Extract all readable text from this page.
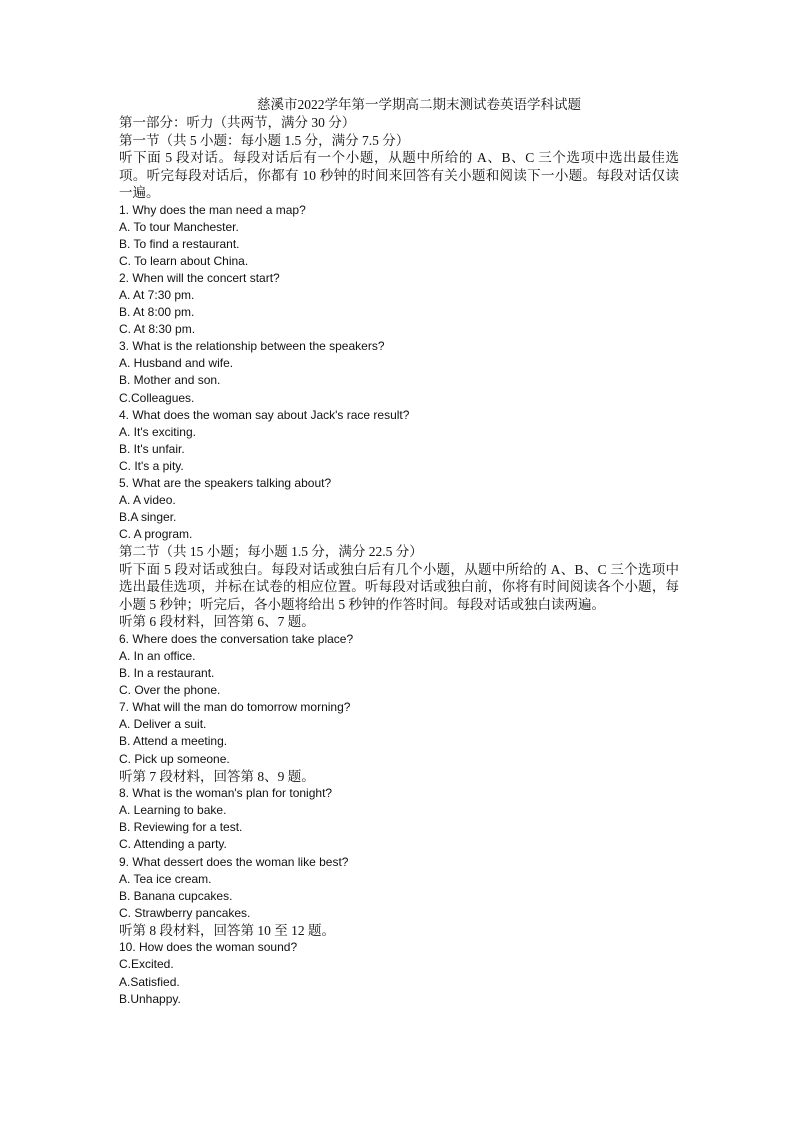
慈溪市2022学年第一学期高二期末测试卷英语学科试题
第一部分：听力（共两节，满分 30 分）
第一节（共 5 小题：每小题 1.5 分，满分 7.5 分）
听下面 5 段对话。每段对话后有一个小题，从题中所给的 A、B、C 三个选项中选出最佳选项。听完每段对话后，你都有 10 秒钟的时间来回答有关小题和阅读下一小题。每段对话仅读一遍。
1. Why does the man need a map?
A. To tour Manchester.
B. To find a restaurant.
C. To learn about China.
2. When will the concert start?
A. At 7:30 pm.
B. At 8:00 pm.
C. At 8:30 pm.
3. What is the relationship between the speakers?
A. Husband and wife.
B. Mother and son.
C.Colleagues.
4. What does the woman say about Jack's race result?
A. It's exciting.
B. It's unfair.
C. It's a pity.
5. What are the speakers talking about?
A. A video.
B.A singer.
C. A program.
第二节（共 15 小题；每小题 1.5 分，满分 22.5 分）
听下面 5 段对话或独白。每段对话或独白后有几个小题，从题中所给的 A、B、C 三个选项中选出最佳选项，并标在试卷的相应位置。听每段对话或独白前，你将有时间阅读各个小题，每小题 5 秒钟；听完后，各小题将给出 5 秒钟的作答时间。每段对话或独白读两遍。
听第 6 段材料，回答第 6、7 题。
6. Where does the conversation take place?
A. In an office.
B. In a restaurant.
C. Over the phone.
7. What will the man do tomorrow morning?
A. Deliver a suit.
B. Attend a meeting.
C. Pick up someone.
听第 7 段材料，回答第 8、9 题。
8. What is the woman's plan for tonight?
A. Learning to bake.
B. Reviewing for a test.
C. Attending a party.
9. What dessert does the woman like best?
A. Tea ice cream.
B. Banana cupcakes.
C. Strawberry pancakes.
听第 8 段材料，回答第 10 至 12 题。
10. How does the woman sound?
C.Excited.
A.Satisfied.
B.Unhappy.
